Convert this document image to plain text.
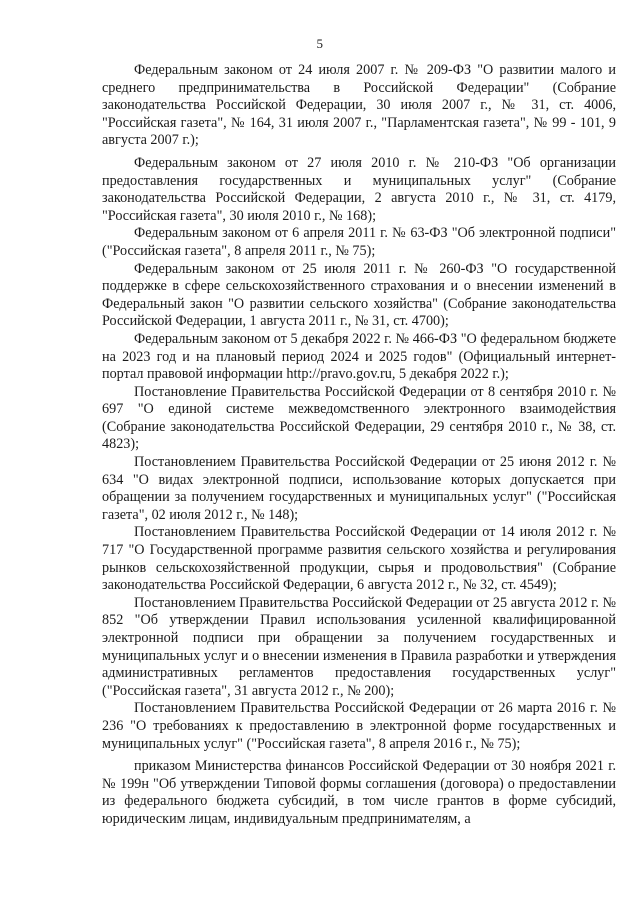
5

Федеральным законом от 24 июля 2007 г. № 209-ФЗ "О развитии малого и среднего предпринимательства в Российской Федерации" (Собрание законодательства Российской Федерации, 30 июля 2007 г., № 31, ст. 4006, "Российская газета", № 164, 31 июля 2007 г., "Парламентская газета", № 99 - 101, 9 августа 2007 г.);

Федеральным законом от 27 июля 2010 г. № 210-ФЗ "Об организации предоставления государственных и муниципальных услуг" (Собрание законодательства Российской Федерации, 2 августа 2010 г., № 31, ст. 4179, "Российская газета", 30 июля 2010 г., № 168);

Федеральным законом от 6 апреля 2011 г. № 63-ФЗ "Об электронной подписи" ("Российская газета", 8 апреля 2011 г., № 75);

Федеральным законом от 25 июля 2011 г. № 260-ФЗ "О государственной поддержке в сфере сельскохозяйственного страхования и о внесении изменений в Федеральный закон "О развитии сельского хозяйства" (Собрание законодательства Российской Федерации, 1 августа 2011 г., № 31, ст. 4700);

Федеральным законом от 5 декабря 2022 г. № 466-ФЗ "О федеральном бюджете на 2023 год и на плановый период 2024 и 2025 годов" (Официальный интернет-портал правовой информации http://pravo.gov.ru, 5 декабря 2022 г.);

Постановление Правительства Российской Федерации от 8 сентября 2010 г. № 697 "О единой системе межведомственного электронного взаимодействия (Собрание законодательства Российской Федерации, 29 сентября 2010 г., № 38, ст. 4823);

Постановлением Правительства Российской Федерации от 25 июня 2012 г. № 634 "О видах электронной подписи, использование которых допускается при обращении за получением государственных и муниципальных услуг" ("Российская газета", 02 июля 2012 г., № 148);

Постановлением Правительства Российской Федерации от 14 июля 2012 г. № 717 "О Государственной программе развития сельского хозяйства и регулирования рынков сельскохозяйственной продукции, сырья и продовольствия" (Собрание законодательства Российской Федерации, 6 августа 2012 г., № 32, ст. 4549);

Постановлением Правительства Российской Федерации от 25 августа 2012 г. № 852 "Об утверждении Правил использования усиленной квалифицированной электронной подписи при обращении за получением государственных и муниципальных услуг и о внесении изменения в Правила разработки и утверждения административных регламентов предоставления государственных услуг" ("Российская газета", 31 августа 2012 г., № 200);

Постановлением Правительства Российской Федерации от 26 марта 2016 г. № 236 "О требованиях к предоставлению в электронной форме государственных и муниципальных услуг" ("Российская газета", 8 апреля 2016 г., № 75);

приказом Министерства финансов Российской Федерации от 30 ноября 2021 г. № 199н "Об утверждении Типовой формы соглашения (договора) о предоставлении из федерального бюджета субсидий, в том числе грантов в форме субсидий, юридическим лицам, индивидуальным предпринимателям, а
